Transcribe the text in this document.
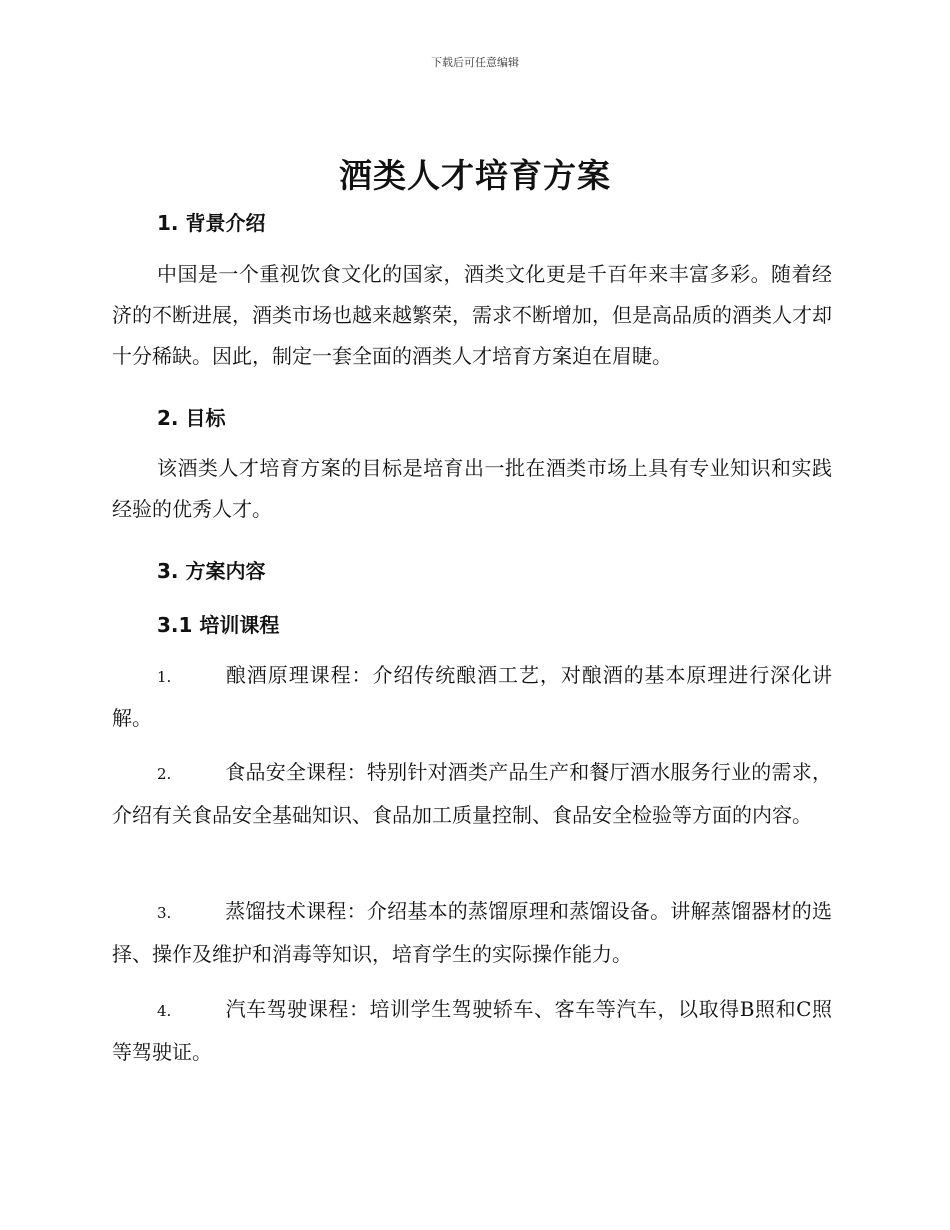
下载后可任意编辑
酒类人才培育方案
1. 背景介绍
中国是一个重视饮食文化的国家，酒类文化更是千百年来丰富多彩。随着经济的不断进展，酒类市场也越来越繁荣，需求不断增加，但是高品质的酒类人才却十分稀缺。因此，制定一套全面的酒类人才培育方案迫在眉睫。
2. 目标
该酒类人才培育方案的目标是培育出一批在酒类市场上具有专业知识和实践经验的优秀人才。
3. 方案内容
3.1 培训课程
1.	酿酒原理课程：介绍传统酿酒工艺，对酿酒的基本原理进行深化讲解。
2.	食品安全课程：特别针对酒类产品生产和餐厅酒水服务行业的需求，介绍有关食品安全基础知识、食品加工质量控制、食品安全检验等方面的内容。
3.	蒸馏技术课程：介绍基本的蒸馏原理和蒸馏设备。讲解蒸馏器材的选择、操作及维护和消毒等知识，培育学生的实际操作能力。
4.	汽车驾驶课程：培训学生驾驶轿车、客车等汽车，以取得B照和C照等驾驶证。
